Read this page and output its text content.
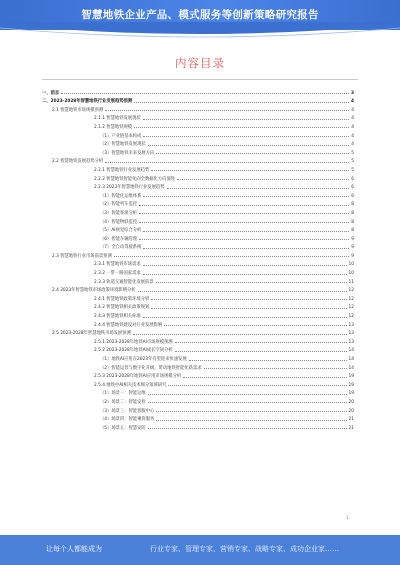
智慧地铁企业产品、模式服务等创新策略研究报告
内容目录
一、前言	3
二、2023-2028年智慧地铁行业发展趋势预测	4
2.1 智慧地铁市场规模预测	4
2.1.1 智慧地铁发展现状	4
2.1.2 智慧地铁规模	4
（1）产业链基本构成	4
（2）智慧地铁发展现状	4
（3）智慧地铁未来发展方向	5
2.2 智慧地铁发展趋势分析	5
2.2.1 智慧地铁行业发展趋势	5
2.2.2 智慧地铁智能化向全数据化方向演进	6
2.2.3 2023年智慧地铁行业发展趋势	6
（1）智能化运维体系	6
（2）智能列车监控	8
（3）智能客流分析	8
（4）智能物联监控	8
（5）AI视觉综合分析	8
（6）智能车辆管理	9
（7）全自动驾驶系统	9
2.3 智慧地铁行业市场前景预测	9
2.3.1 智慧地铁市场需求	10
2.3.2 一带一路国家需求	10
2.3.3 轨道交通智能化发展前景	11
2.4 2023年智慧地铁市场政策环境影响分析	12
2.4.1 智慧地铁政策环境分析	12
2.4.2 智慧地铁相关政策规划	12
2.4.3 智慧地铁相关标准	12
2.4.4 智慧地铁建设对行业发展影响	13
2.5 2023-2028年智慧地铁市场发展预测	13
2.5.1 2023-2028年地铁AI市场规模预测	13
2.5.2 2023-2028年地铁AI成长空间分析	14
（1）地铁AI应用在2023年有望迎来快速发展	14
（2）智能运营与数字化升级，带动地铁智能化新需求	14
2.5.3 2023-2028年地铁AI应用市场规模分析	19
2.5.4 地铁中AI相关技术细分领域研究	19
（1）场景一：智能运维	19
（2）场景二：智能安检	20
（3）场景三：智能客服中心	20
（4）场景四：智能乘客服务	21
（5）场景五：智慧安防	21
1
让每个人都能成为	行业专家、管理专家、营销专家、战略专家、成功企业家……
